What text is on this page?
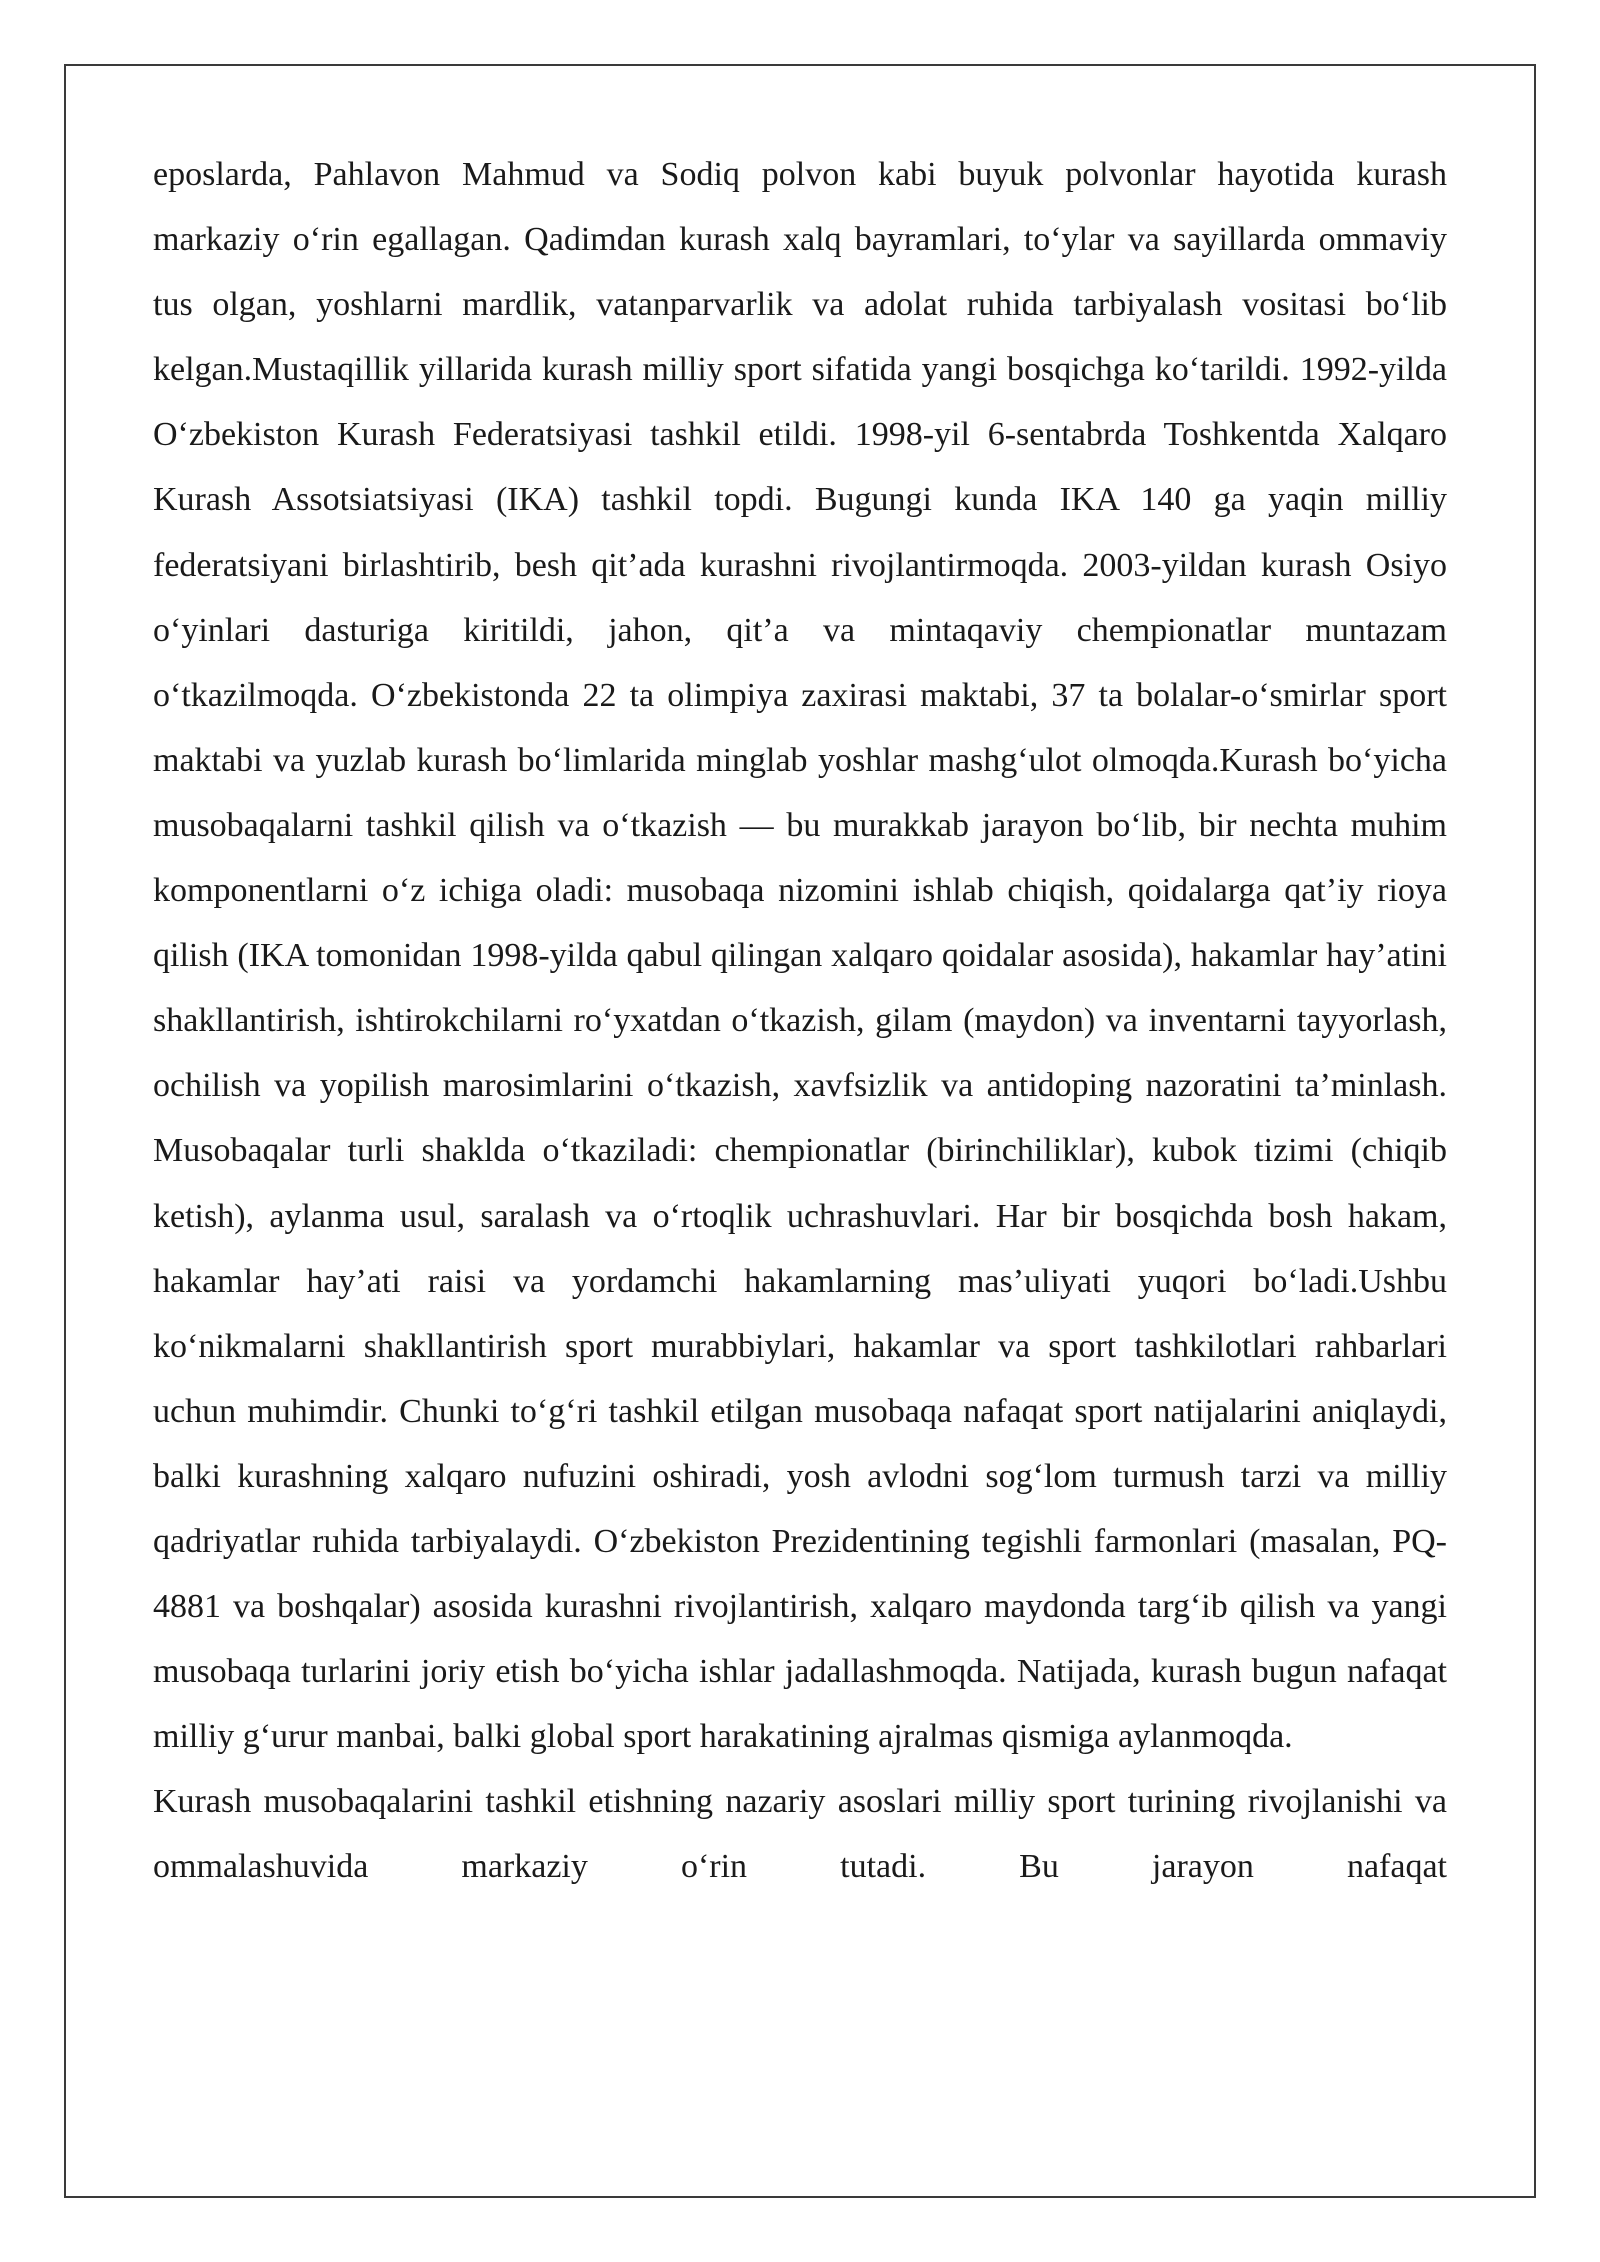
eposlarda, Pahlavon Mahmud va Sodiq polvon kabi buyuk polvonlar hayotida kurash markaziy o‘rin egallagan. Qadimdan kurash xalq bayramlari, to‘ylar va sayillarda ommaviy tus olgan, yoshlarni mardlik, vatanparvarlik va adolat ruhida tarbiyalash vositasi bo‘lib kelgan.Mustaqillik yillarida kurash milliy sport sifatida yangi bosqichga ko‘tarildi. 1992-yilda O‘zbekiston Kurash Federatsiyasi tashkil etildi. 1998-yil 6-sentabrda Toshkentda Xalqaro Kurash Assotsiatsiyasi (IKA) tashkil topdi. Bugungi kunda IKA 140 ga yaqin milliy federatsiyani birlashtirib, besh qit’ada kurashni rivojlantirmoqda. 2003-yildan kurash Osiyo o‘yinlari dasturiga kiritildi, jahon, qit’a va mintaqaviy chempionatlar muntazam o‘tkazilmoqda. O‘zbekistonda 22 ta olimpiya zaxirasi maktabi, 37 ta bolalar-o‘smirlar sport maktabi va yuzlab kurash bo‘limlarida minglab yoshlar mashg‘ulot olmoqda.Kurash bo‘yicha musobaqalarni tashkil qilish va o‘tkazish — bu murakkab jarayon bo‘lib, bir nechta muhim komponentlarni o‘z ichiga oladi: musobaqa nizomini ishlab chiqish, qoidalarga qat’iy rioya qilish (IKA tomonidan 1998-yilda qabul qilingan xalqaro qoidalar asosida), hakamlar hay’atini shakllantirish, ishtirokchilarni ro‘yxatdan o‘tkazish, gilam (maydon) va inventarni tayyorlash, ochilish va yopilish marosimlarini o‘tkazish, xavfsizlik va antidoping nazoratini ta’minlash. Musobaqalar turli shaklda o‘tkaziladi: chempionatlar (birinchiliklar), kubok tizimi (chiqib ketish), aylanma usul, saralash va o‘rtoqlik uchrashuvlari. Har bir bosqichda bosh hakam, hakamlar hay’ati raisi va yordamchi hakamlarning mas’uliyati yuqori bo‘ladi.Ushbu ko‘nikmalarni shakllantirish sport murabbiylari, hakamlar va sport tashkilotlari rahbarlari uchun muhimdir. Chunki to‘g‘ri tashkil etilgan musobaqa nafaqat sport natijalarini aniqlaydi, balki kurashning xalqaro nufuzini oshiradi, yosh avlodni sog‘lom turmush tarzi va milliy qadriyatlar ruhida tarbiyalaydi. O‘zbekiston Prezidentining tegishli farmonlari (masalan, PQ-4881 va boshqalar) asosida kurashni rivojlantirish, xalqaro maydonda targ‘ib qilish va yangi musobaqa turlarini joriy etish bo‘yicha ishlar jadallashmoqda. Natijada, kurash bugun nafaqat milliy g‘urur manbai, balki global sport harakatining ajralmas qismiga aylanmoqda.

Kurash musobaqalarini tashkil etishning nazariy asoslari milliy sport turining rivojlanishi va ommalashuvida markaziy o‘rin tutadi. Bu jarayon nafaqat
